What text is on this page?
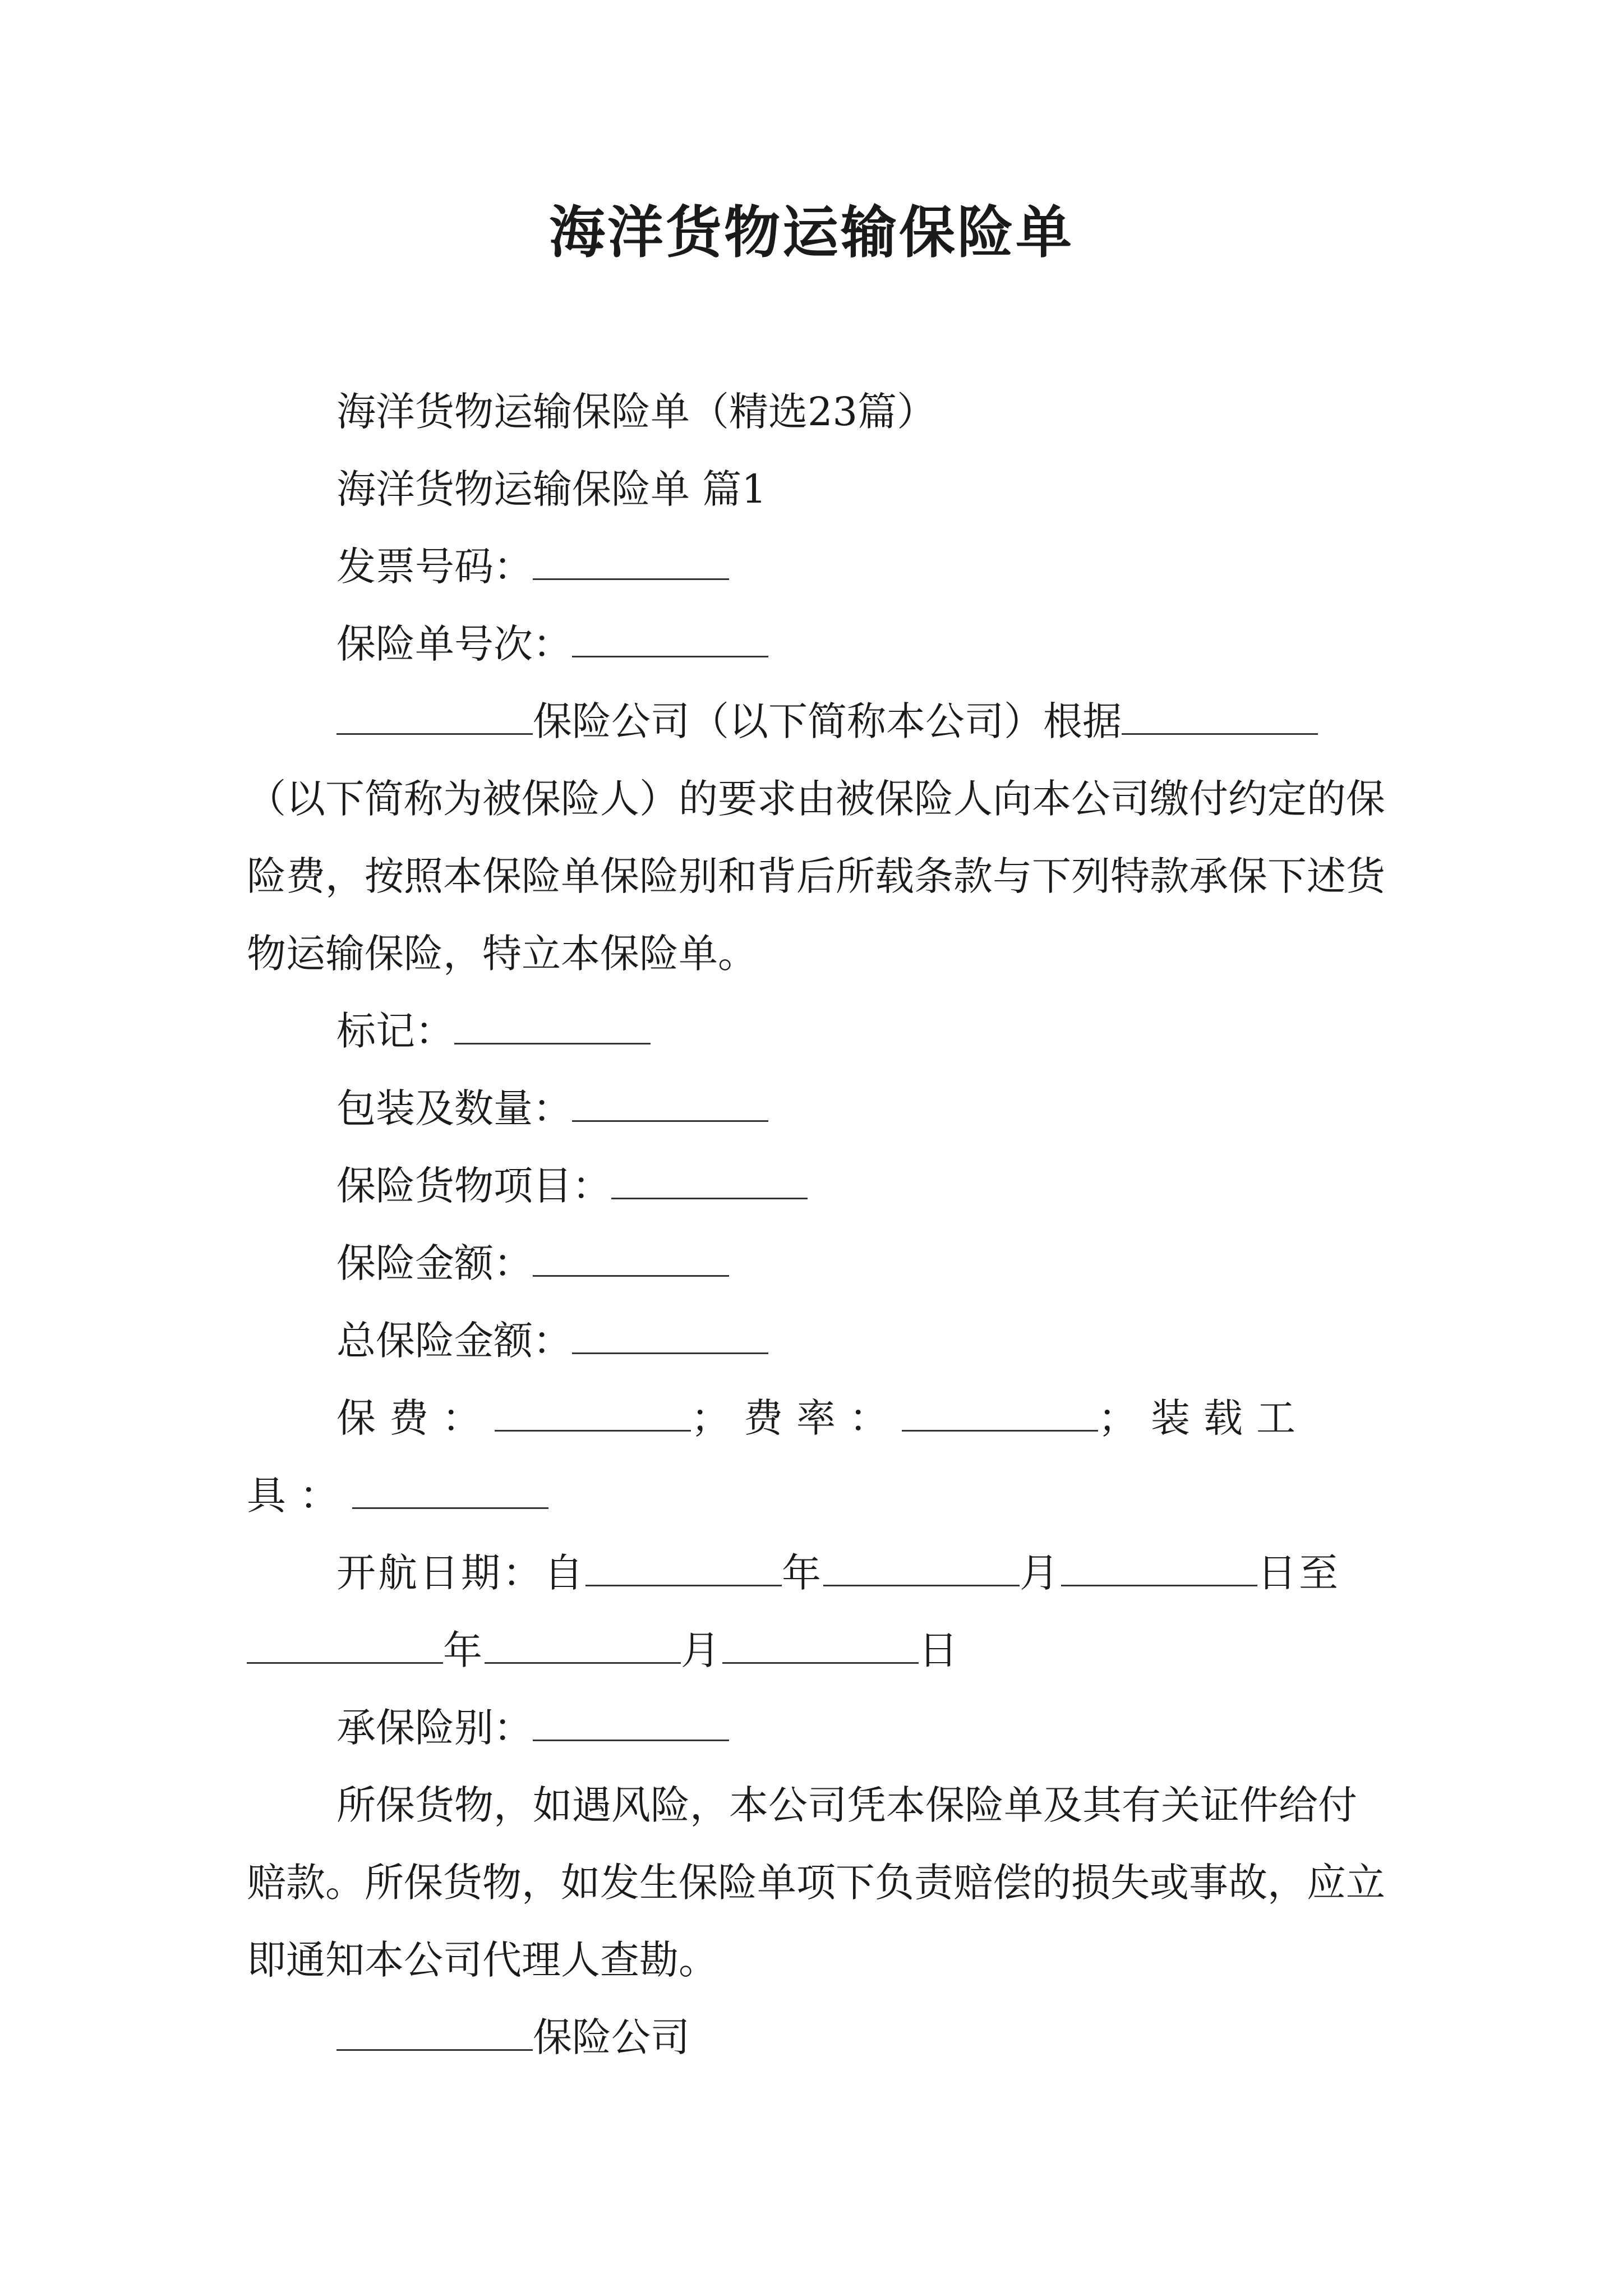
海洋货物运输保险单

海洋货物运输保险单（精选23篇）

海洋货物运输保险单 篇1

发票号码：

保险单号次：

保险公司（以下简称本公司）根据（以下简称为被保险人）的要求由被保险人向本公司缴付约定的保险费，按照本保险单保险别和背后所载条款与下列特款承保下述货物运输保险，特立本保险单。

标记：

包装及数量：

保险货物项目：

保险金额：

总保险金额：

保费：	；费率：	；装载工具：

开航日期：自	年	月	日至年	月	日

承保险别：

所保货物，如遇风险，本公司凭本保险单及其有关证件给付赔款。所保货物，如发生保险单项下负责赔偿的损失或事故，应立即通知本公司代理人查勘。

保险公司
